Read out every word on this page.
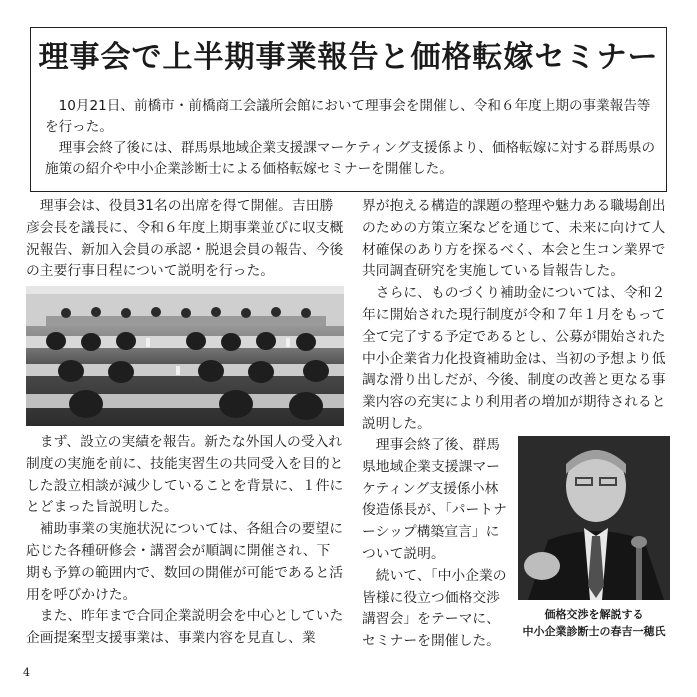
理事会で上半期事業報告と価格転嫁セミナー

10月21日、前橋市・前橋商工会議所会館において理事会を開催し、令和６年度上期の事業報告等を行った。

理事会終了後には、群馬県地域企業支援課マーケティング支援係より、価格転嫁に対する群馬県の施策の紹介や中小企業診断士による価格転嫁セミナーを開催した。

理事会は、役員31名の出席を得て開催。吉田勝彦会長を議長に、令和６年度上期事業並びに収支概況報告、新加入会員の承認・脱退会員の報告、今後の主要行事日程について説明を行った。

まず、設立の実績を報告。新たな外国人の受入れ制度の実施を前に、技能実習生の共同受入を目的とした設立相談が減少していることを背景に、１件にとどまった旨説明した。

補助事業の実施状況については、各組合の要望に応じた各種研修会・講習会が順調に開催され、下期も予算の範囲内で、数回の開催が可能であると活用を呼びかけた。

また、昨年まで合同企業説明会を中心としていた企画提案型支援事業は、事業内容を見直し、業

界が抱える構造的課題の整理や魅力ある職場創出のための方策立案などを通じて、未来に向けて人材確保のあり方を探るべく、本会と生コン業界で共同調査研究を実施している旨報告した。

さらに、ものづくり補助金については、令和２年に開始された現行制度が令和７年１月をもって全て完了する予定であるとし、公募が開始された中小企業省力化投資補助金は、当初の予想より低調な滑り出しだが、今後、制度の改善と更なる事業内容の充実により利用者の増加が期待されると説明した。

理事会終了後、群馬県地域企業支援課マーケティング支援係小林俊造係長が、「パートナーシップ構築宣言」について説明。

続いて、「中小企業の皆様に役立つ価格交渉講習会」をテーマに、セミナーを開催した。

価格交渉を解説する
中小企業診断士の春吉一穂氏
4
